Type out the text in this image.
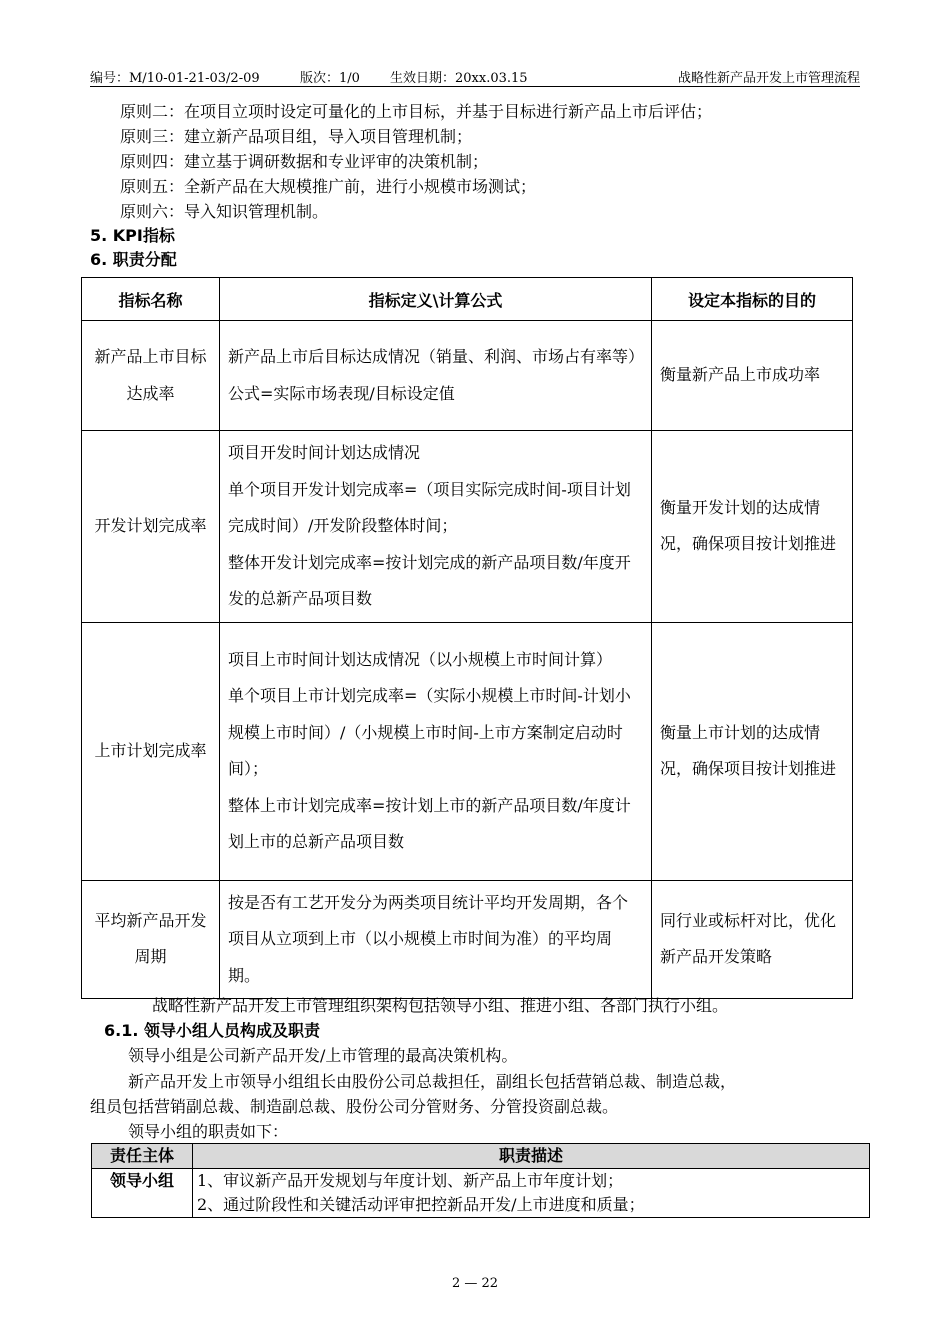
编号：M/10-01-21-03/2-09	版次：1/0 生效日期：20xx.03.15	战略性新产品开发上市管理流程
原则二：在项目立项时设定可量化的上市目标，并基于目标进行新产品上市后评估；
原则三：建立新产品项目组，导入项目管理机制；
原则四：建立基于调研数据和专业评审的决策机制；
原则五：全新产品在大规模推广前，进行小规模市场测试；
原则六：导入知识管理机制。
5. KPI指标
6. 职责分配
指标名称	指标定义\计算公式	设定本指标的目的
新产品上市目标达成率	新产品上市后目标达成情况（销量、利润、市场占有率等）
公式=实际市场表现/目标设定值	衡量新产品上市成功率
开发计划完成率	项目开发时间计划达成情况
单个项目开发计划完成率=（项目实际完成时间-项目计划完成时间）/开发阶段整体时间；
整体开发计划完成率=按计划完成的新产品项目数/年度开发的总新产品项目数	衡量开发计划的达成情况，确保项目按计划推进
上市计划完成率	项目上市时间计划达成情况（以小规模上市时间计算）
单个项目上市计划完成率=（实际小规模上市时间-计划小规模上市时间）/（小规模上市时间-上市方案制定启动时间）；
整体上市计划完成率=按计划上市的新产品项目数/年度计划上市的总新产品项目数	衡量上市计划的达成情况，确保项目按计划推进
平均新产品开发周期	按是否有工艺开发分为两类项目统计平均开发周期，各个项目从立项到上市（以小规模上市时间为准）的平均周期。	同行业或标杆对比，优化新产品开发策略
战略性新产品开发上市管理组织架构包括领导小组、推进小组、各部门执行小组。
6.1. 领导小组人员构成及职责
领导小组是公司新产品开发/上市管理的最高决策机构。
新产品开发上市领导小组组长由股份公司总裁担任，副组长包括营销总裁、制造总裁，
组员包括营销副总裁、制造副总裁、股份公司分管财务、分管投资副总裁。
领导小组的职责如下：
责任主体	职责描述
领导小组	1、审议新产品开发规划与年度计划、新产品上市年度计划；
2、通过阶段性和关键活动评审把控新品开发/上市进度和质量；
2 — 22
